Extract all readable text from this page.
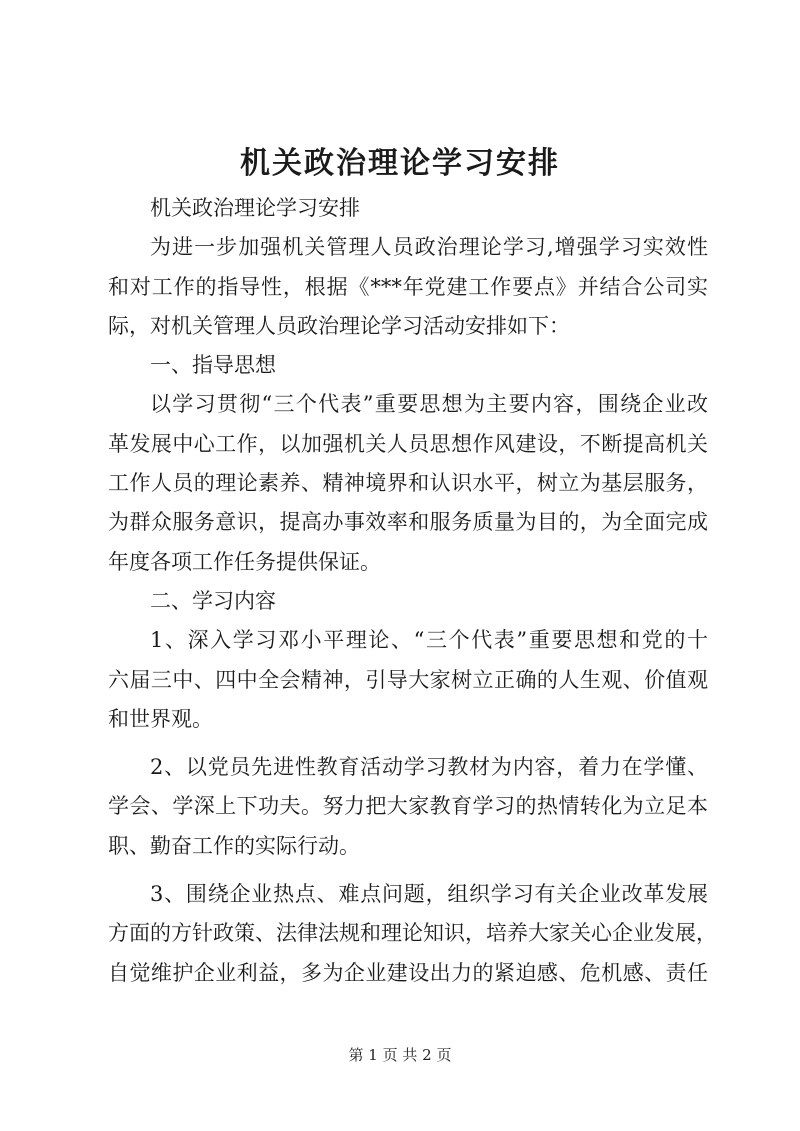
机关政治理论学习安排
机关政治理论学习安排
为进一步加强机关管理人员政治理论学习,增强学习实效性
和对工作的指导性，根据《***年党建工作要点》并结合公司实
际，对机关管理人员政治理论学习活动安排如下：
一、指导思想
以学习贯彻“三个代表”重要思想为主要内容，围绕企业改
革发展中心工作，以加强机关人员思想作风建设，不断提高机关
工作人员的理论素养、精神境界和认识水平，树立为基层服务，
为群众服务意识，提高办事效率和服务质量为目的，为全面完成
年度各项工作任务提供保证。
二、学习内容
1、深入学习邓小平理论、“三个代表”重要思想和党的十
六届三中、四中全会精神，引导大家树立正确的人生观、价值观
和世界观。
2、以党员先进性教育活动学习教材为内容，着力在学懂、
学会、学深上下功夫。努力把大家教育学习的热情转化为立足本
职、勤奋工作的实际行动。
3、围绕企业热点、难点问题，组织学习有关企业改革发展
方面的方针政策、法律法规和理论知识，培养大家关心企业发展，
自觉维护企业利益，多为企业建设出力的紧迫感、危机感、责任
第 1 页 共 2 页
